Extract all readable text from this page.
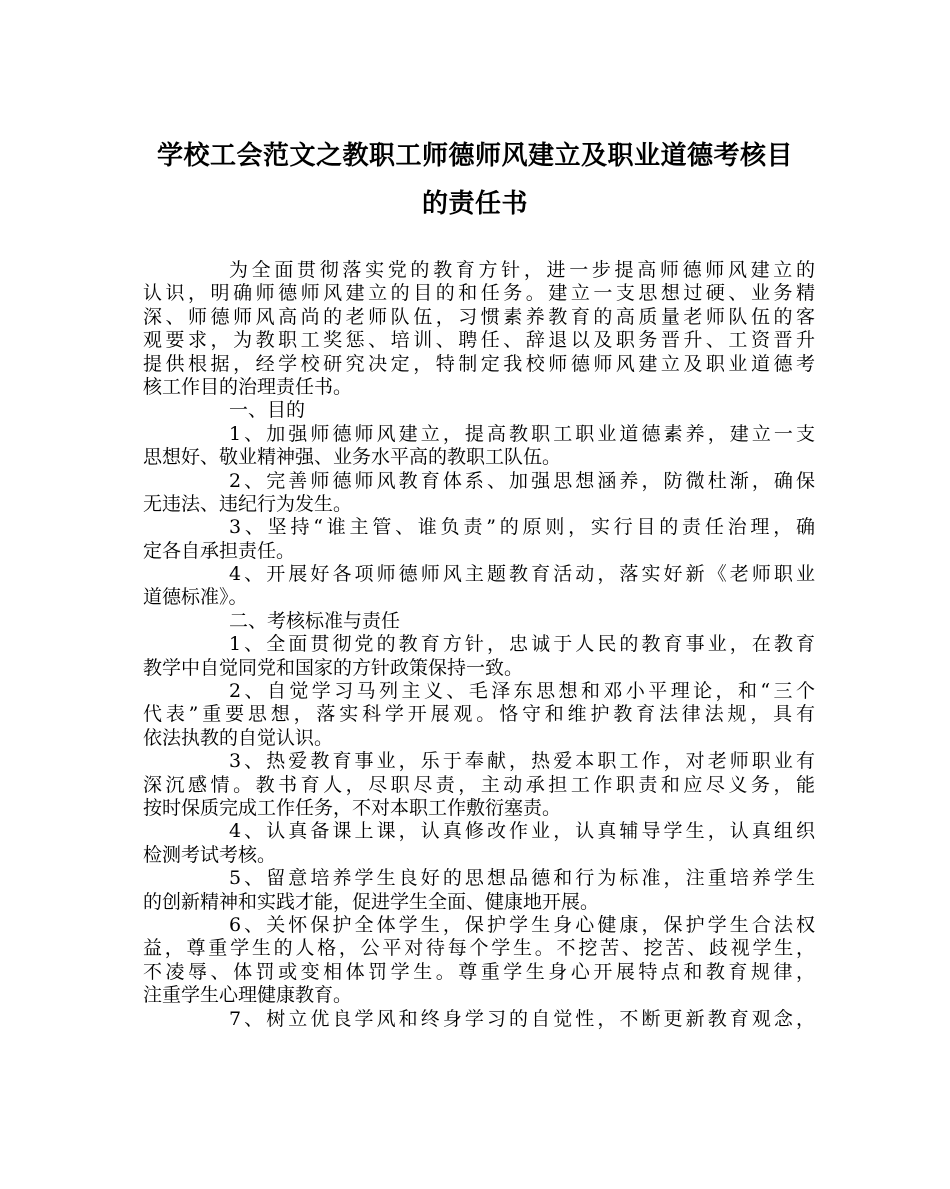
学校工会范文之教职工师德师风建立及职业道德考核目
的责任书
为全面贯彻落实党的教育方针，进一步提高师德师风建立的
认识，明确师德师风建立的目的和任务。建立一支思想过硬、业务精
深、师德师风高尚的老师队伍，习惯素养教育的高质量老师队伍的客
观要求，为教职工奖惩、培训、聘任、辞退以及职务晋升、工资晋升
提供根据，经学校研究决定，特制定我校师德师风建立及职业道德考
核工作目的治理责任书。
一、目的
1、加强师德师风建立，提高教职工职业道德素养，建立一支
思想好、敬业精神强、业务水平高的教职工队伍。
2、完善师德师风教育体系、加强思想涵养，防微杜渐，确保
无违法、违纪行为发生。
3、坚持“谁主管、谁负责”的原则，实行目的责任治理，确
定各自承担责任。
4、开展好各项师德师风主题教育活动，落实好新《老师职业
道德标准》。
二、考核标准与责任
1、全面贯彻党的教育方针，忠诚于人民的教育事业，在教育
教学中自觉同党和国家的方针政策保持一致。
2、自觉学习马列主义、毛泽东思想和邓小平理论，和“三个
代表”重要思想，落实科学开展观。恪守和维护教育法律法规，具有
依法执教的自觉认识。
3、热爱教育事业，乐于奉献，热爱本职工作，对老师职业有
深沉感情。教书育人，尽职尽责，主动承担工作职责和应尽义务，能
按时保质完成工作任务，不对本职工作敷衍塞责。
4、认真备课上课，认真修改作业，认真辅导学生，认真组织
检测考试考核。
5、留意培养学生良好的思想品德和行为标准，注重培养学生
的创新精神和实践才能，促进学生全面、健康地开展。
6、关怀保护全体学生，保护学生身心健康，保护学生合法权
益，尊重学生的人格，公平对待每个学生。不挖苦、挖苦、歧视学生，
不凌辱、体罚或变相体罚学生。尊重学生身心开展特点和教育规律，
注重学生心理健康教育。
7、树立优良学风和终身学习的自觉性，不断更新教育观念，
